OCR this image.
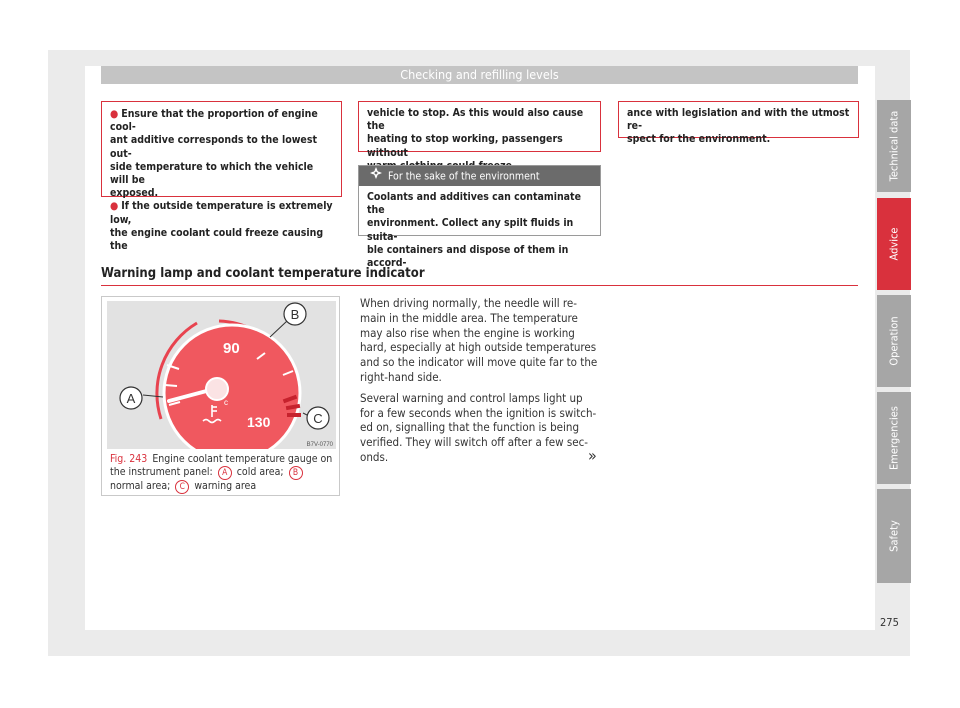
Checking and refilling levels

● Ensure that the proportion of engine cool-
ant additive corresponds to the lowest out-
side temperature to which the vehicle will be
exposed.
● If the outside temperature is extremely low,
the engine coolant could freeze causing the

vehicle to stop. As this would also cause the
heating to stop working, passengers without

For the sake of the environment

Coolants and additives can contaminate the
environment. Collect any spilt fluids in suita-
ble containers and dispose of them in accord-

ance with legislation and with the utmost re-
spect for the environment.

Warning lamp and coolant temperature indicator
90
c
130
B
A
C
B7V-0770
Fig. 243 Engine coolant temperature gauge on the instrument panel: A cold area; B normal area; C warning area

When driving normally, the needle will re-
main in the middle area. The temperature
may also rise when the engine is working
hard, especially at high outside temperatures
and so the indicator will move quite far to the
right-hand side.

Several warning and control lamps light up
for a few seconds when the ignition is switch-
ed on, signalling that the function is being
verified. They will switch off after a few sec-
onds.	»
Technical data
Advice
Operation
Emergencies
Safety
275
